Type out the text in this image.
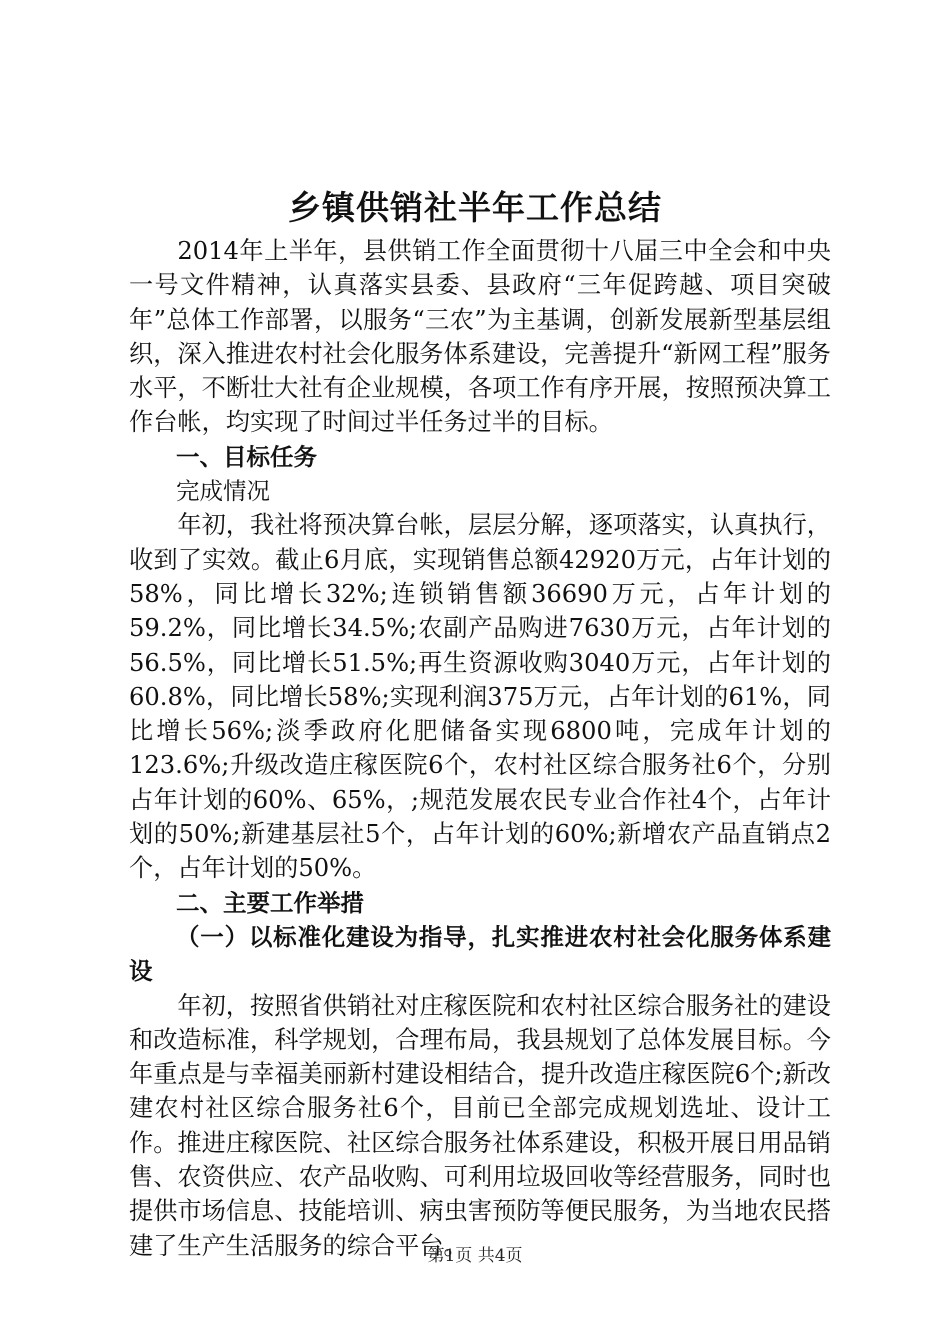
乡镇供销社半年工作总结

2014年上半年，县供销工作全面贯彻十八届三中全会和中央一号文件精神，认真落实县委、县政府“三年促跨越、项目突破年”总体工作部署，以服务“三农”为主基调，创新发展新型基层组织，深入推进农村社会化服务体系建设，完善提升“新网工程”服务水平，不断壮大社有企业规模，各项工作有序开展，按照预决算工作台帐，均实现了时间过半任务过半的目标。

一、目标任务

完成情况

年初，我社将预决算台帐，层层分解，逐项落实，认真执行，收到了实效。截止6月底，实现销售总额42920万元，占年计划的58%，同比增长32%;连锁销售额36690万元，占年计划的59.2%，同比增长34.5%;农副产品购进7630万元，占年计划的56.5%，同比增长51.5%;再生资源收购3040万元，占年计划的60.8%，同比增长58%;实现利润375万元，占年计划的61%，同比增长56%;淡季政府化肥储备实现6800吨，完成年计划的123.6%;升级改造庄稼医院6个，农村社区综合服务社6个，分别占年计划的60%、65%，;规范发展农民专业合作社4个，占年计划的50%;新建基层社5个，占年计划的60%;新增农产品直销点2个，占年计划的50%。

二、主要工作举措

（一）以标准化建设为指导，扎实推进农村社会化服务体系建设

年初，按照省供销社对庄稼医院和农村社区综合服务社的建设和改造标准，科学规划，合理布局，我县规划了总体发展目标。今年重点是与幸福美丽新村建设相结合，提升改造庄稼医院6个;新改建农村社区综合服务社6个，目前已全部完成规划选址、设计工作。推进庄稼医院、社区综合服务社体系建设，积极开展日用品销售、农资供应、农产品收购、可利用垃圾回收等经营服务，同时也提供市场信息、技能培训、病虫害预防等便民服务，为当地农民搭建了生产生活服务的综合平台。

第1页 共4页
